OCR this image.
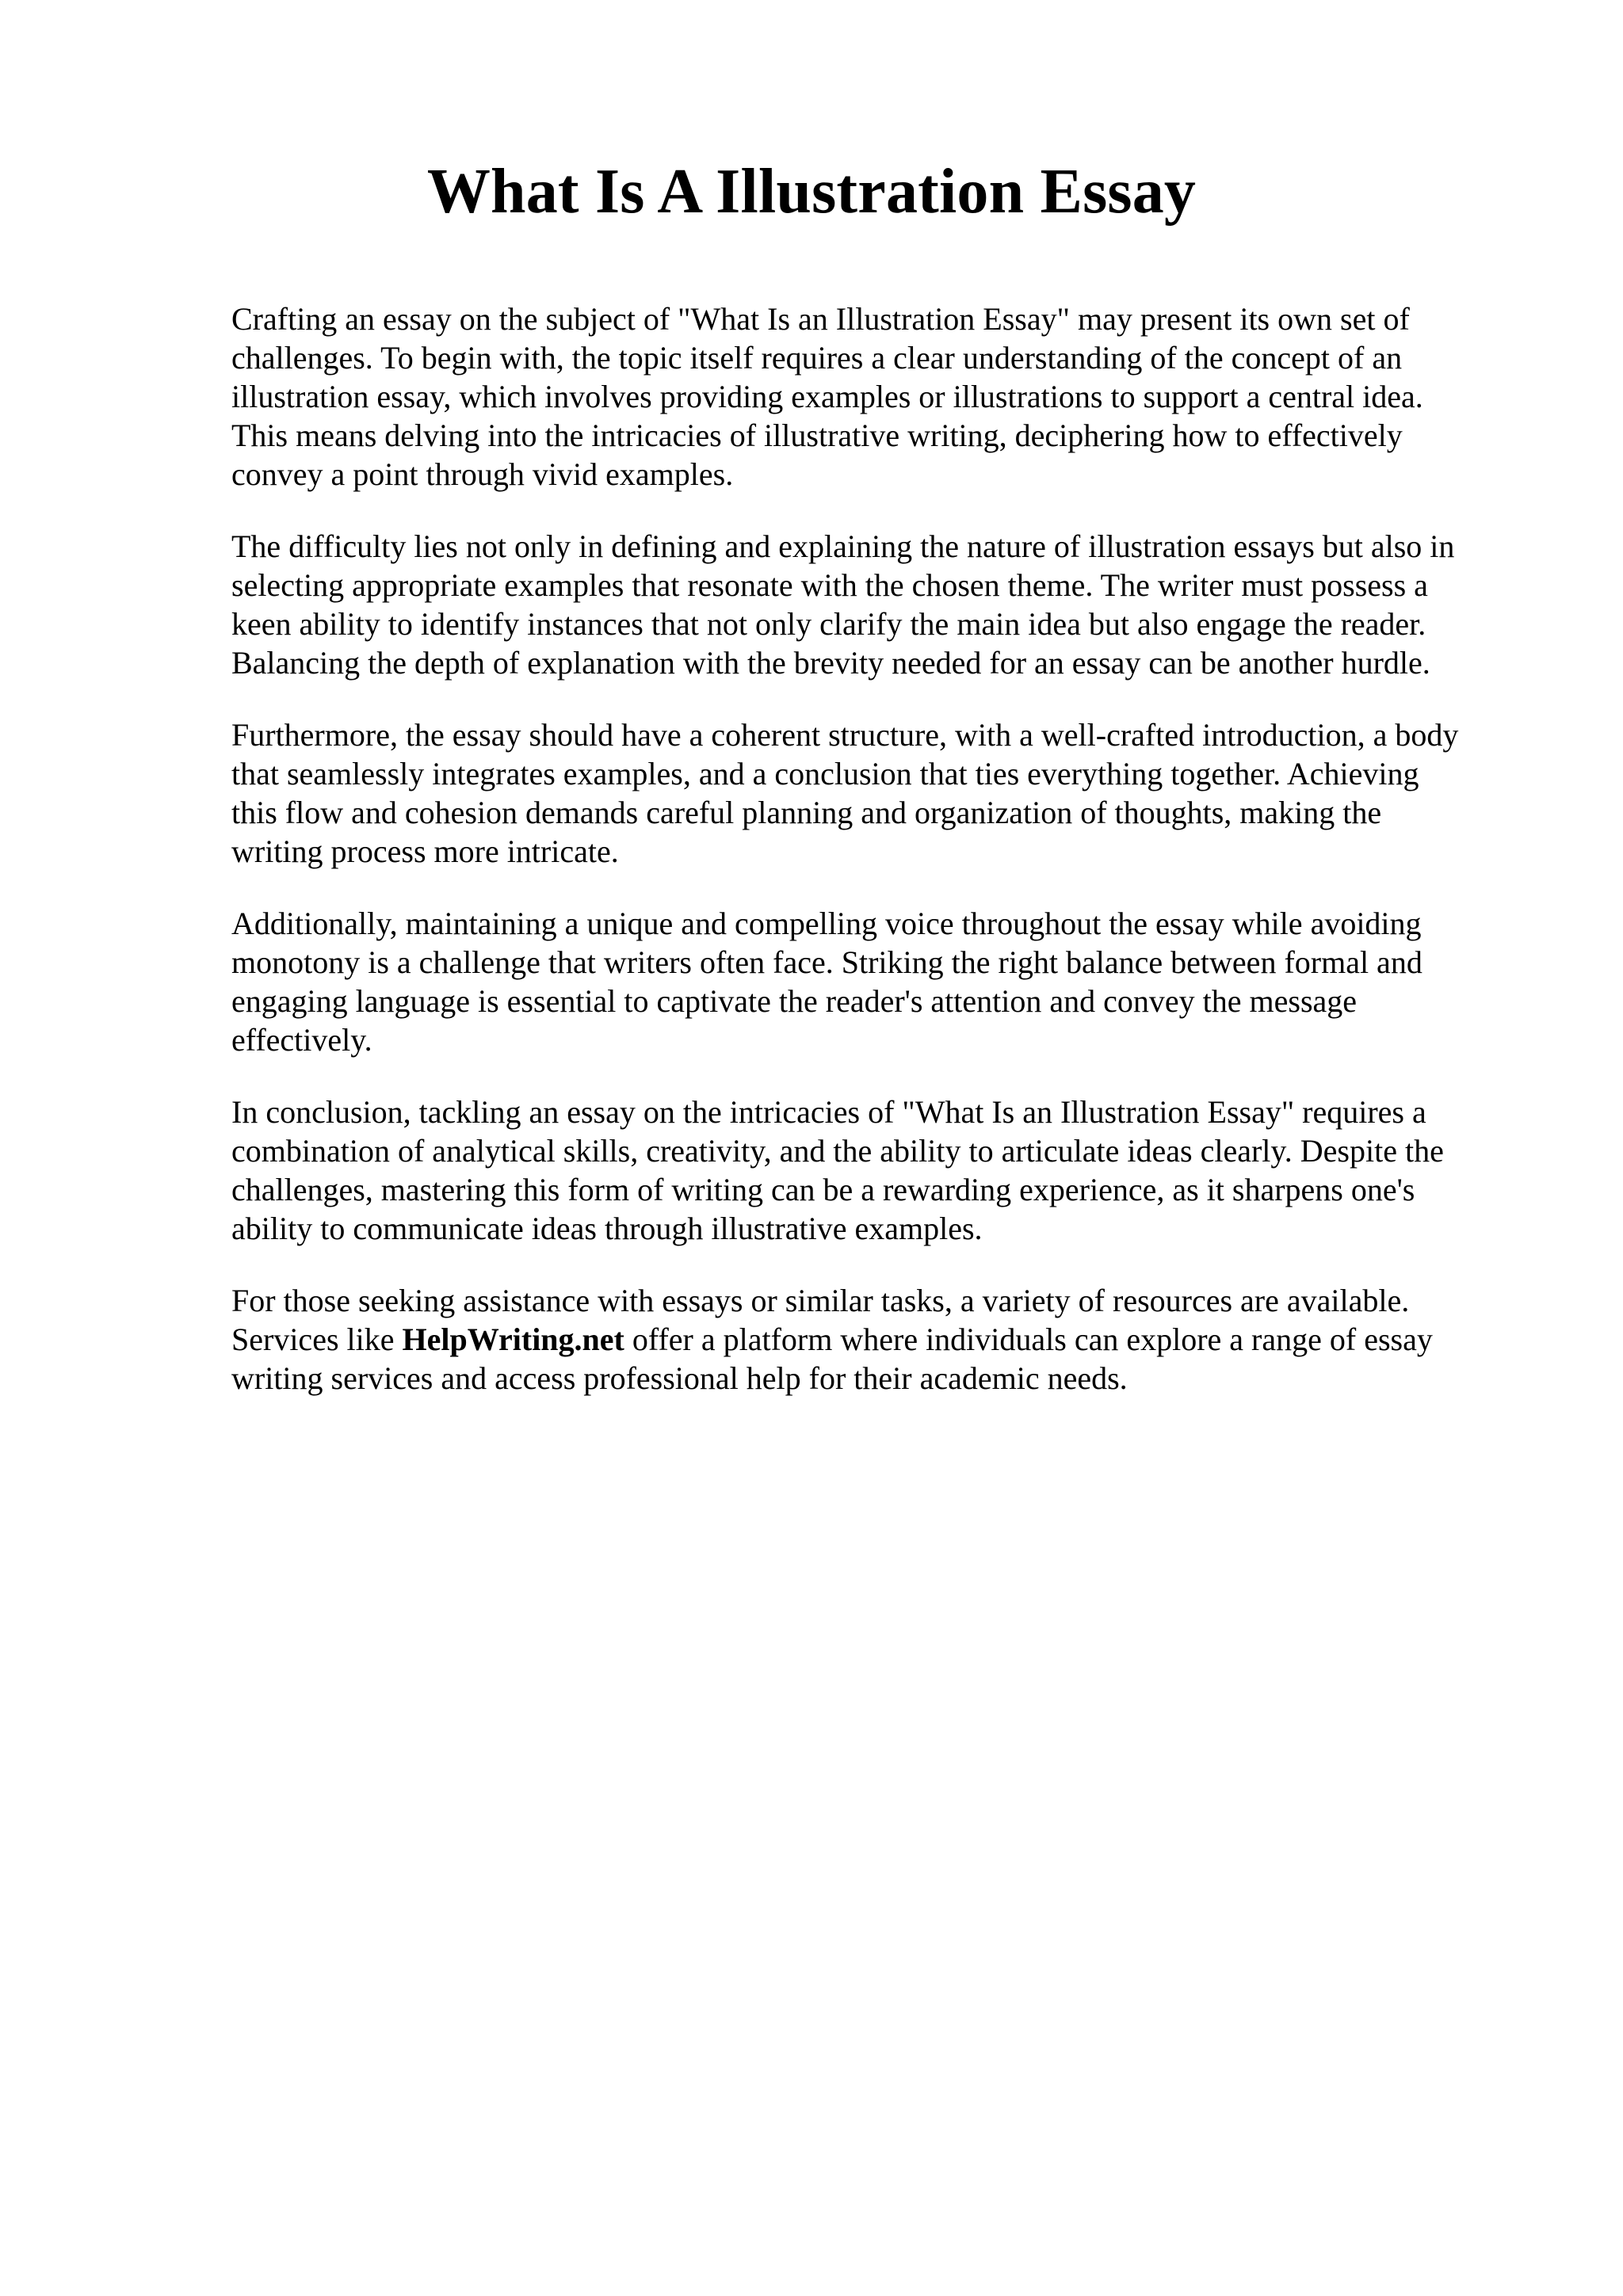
What Is A Illustration Essay

Crafting an essay on the subject of "What Is an Illustration Essay" may present its own set of
challenges. To begin with, the topic itself requires a clear understanding of the concept of an
illustration essay, which involves providing examples or illustrations to support a central idea.
This means delving into the intricacies of illustrative writing, deciphering how to effectively
convey a point through vivid examples.

The difficulty lies not only in defining and explaining the nature of illustration essays but also in
selecting appropriate examples that resonate with the chosen theme. The writer must possess a
keen ability to identify instances that not only clarify the main idea but also engage the reader.
Balancing the depth of explanation with the brevity needed for an essay can be another hurdle.

Furthermore, the essay should have a coherent structure, with a well-crafted introduction, a body
that seamlessly integrates examples, and a conclusion that ties everything together. Achieving
this flow and cohesion demands careful planning and organization of thoughts, making the
writing process more intricate.

Additionally, maintaining a unique and compelling voice throughout the essay while avoiding
monotony is a challenge that writers often face. Striking the right balance between formal and
engaging language is essential to captivate the reader's attention and convey the message
effectively.

In conclusion, tackling an essay on the intricacies of "What Is an Illustration Essay" requires a
combination of analytical skills, creativity, and the ability to articulate ideas clearly. Despite the
challenges, mastering this form of writing can be a rewarding experience, as it sharpens one's
ability to communicate ideas through illustrative examples.

For those seeking assistance with essays or similar tasks, a variety of resources are available.
Services like HelpWriting.net offer a platform where individuals can explore a range of essay
writing services and access professional help for their academic needs.
